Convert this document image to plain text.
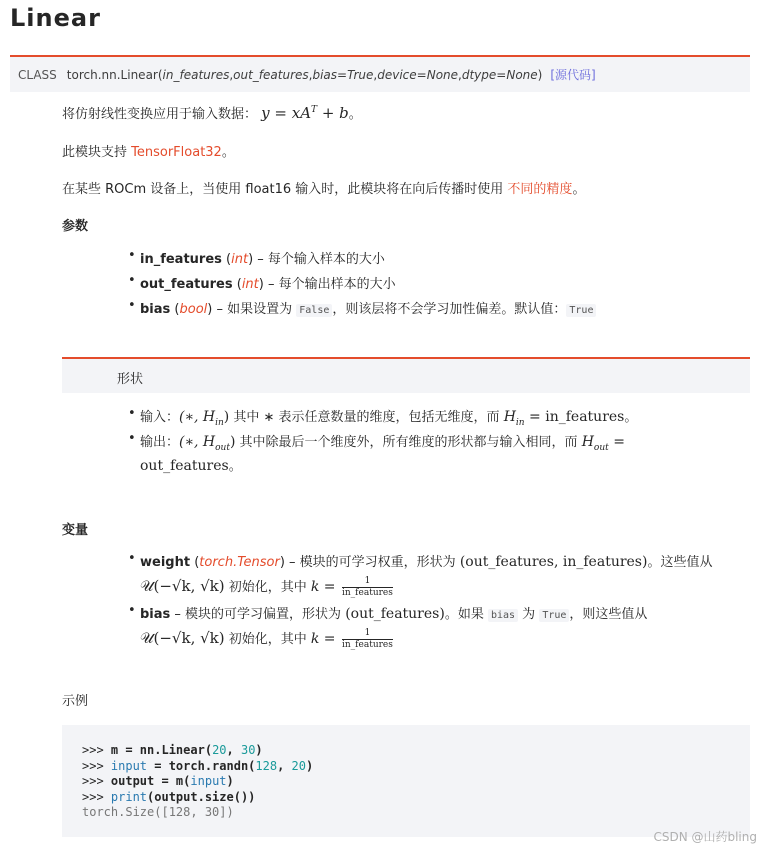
Linear
CLASS torch.nn.Linear ( in_features , out_features , bias=True , device=None , dtype=None ) [源代码]
将仿射线性变换应用于输入数据： $y = xA^T + b$。
此模块支持 TensorFloat32。
在某些 ROCm 设备上，当使用 float16 输入时，此模块将在向后传播时使用 不同的精度。
参数
• in_features (int) – 每个输入样本的大小
• out_features (int) – 每个输出样本的大小
• bias (bool) – 如果设置为 False ，则该层将不会学习加性偏差。默认值： True
形状
• 输入：(∗, $H_{in}$) 其中 ∗ 表示任意数量的维度，包括无维度，而 $H_{in}$ = in_features。
• 输出：(∗, $H_{out}$) 其中除最后一个维度外，所有维度的形状都与输入相同，而 $H_{out}$ =
out_features。
变量
• weight (torch.Tensor) – 模块的可学习权重，形状为 (out_features, in_features)。这些值从
𝒰(−√k, √k) 初始化，其中 $k = \frac{1}{\text{in\_features}}$
• bias – 模块的可学习偏置，形状为 (out_features)。如果 bias 为 True ，则这些值从
𝒰(−√k, √k) 初始化，其中 $k = \frac{1}{\text{in\_features}}$
示例
>>> m = nn.Linear(20, 30)
>>> input = torch.randn(128, 20)
>>> output = m(input)
>>> print(output.size())
torch.Size([128, 30])
CSDN @山药bling
